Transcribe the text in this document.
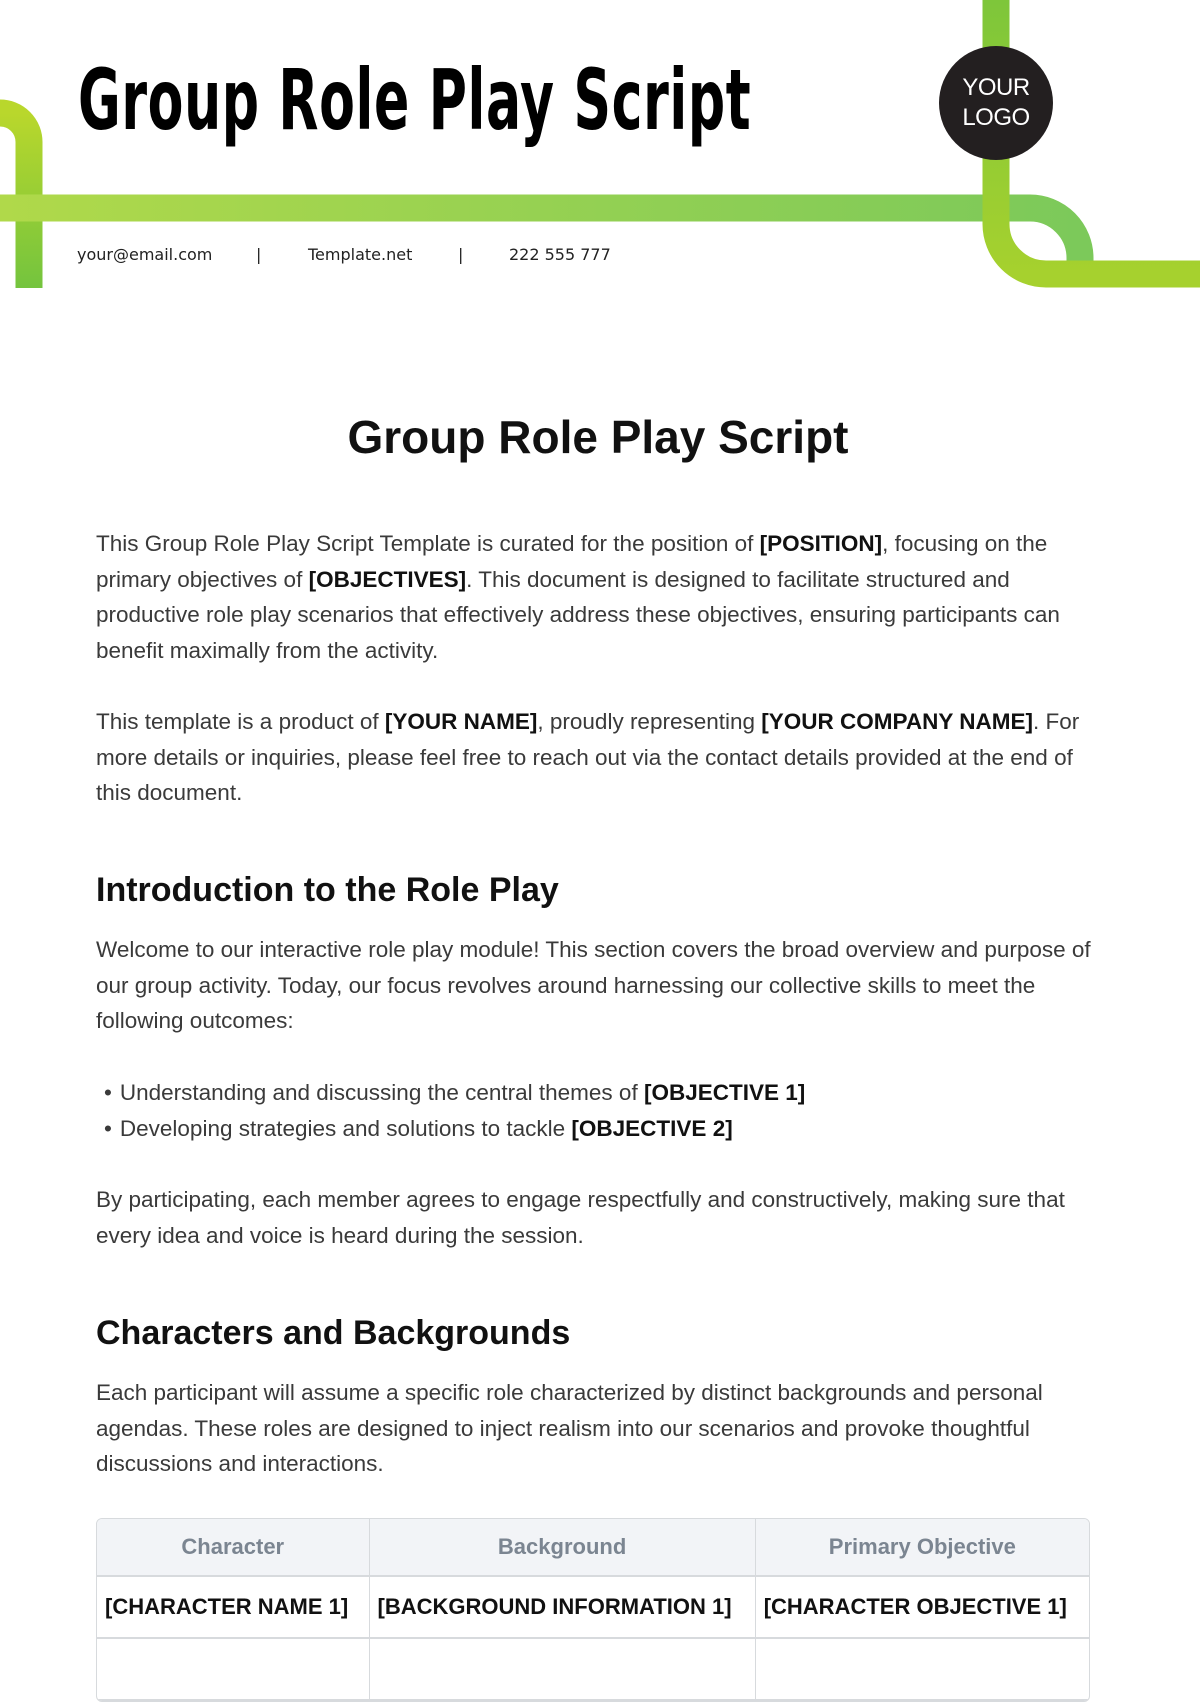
Group Role Play Script	YOUR
LOGO
your@email.com	|	Template.net	|	222 555 777
Group Role Play Script

This Group Role Play Script Template is curated for the position of [POSITION], focusing on the primary objectives of [OBJECTIVES]. This document is designed to facilitate structured and productive role play scenarios that effectively address these objectives, ensuring participants can benefit maximally from the activity.

This template is a product of [YOUR NAME], proudly representing [YOUR COMPANY NAME]. For more details or inquiries, please feel free to reach out via the contact details provided at the end of this document.

Introduction to the Role Play

Welcome to our interactive role play module! This section covers the broad overview and purpose of our group activity. Today, our focus revolves around harnessing our collective skills to meet the following outcomes:

• Understanding and discussing the central themes of [OBJECTIVE 1]
• Developing strategies and solutions to tackle [OBJECTIVE 2]

By participating, each member agrees to engage respectfully and constructively, making sure that every idea and voice is heard during the session.

Characters and Backgrounds

Each participant will assume a specific role characterized by distinct backgrounds and personal agendas. These roles are designed to inject realism into our scenarios and provoke thoughtful discussions and interactions.

Character	Background	Primary Objective
[CHARACTER NAME 1]	[BACKGROUND INFORMATION 1]	[CHARACTER OBJECTIVE 1]
